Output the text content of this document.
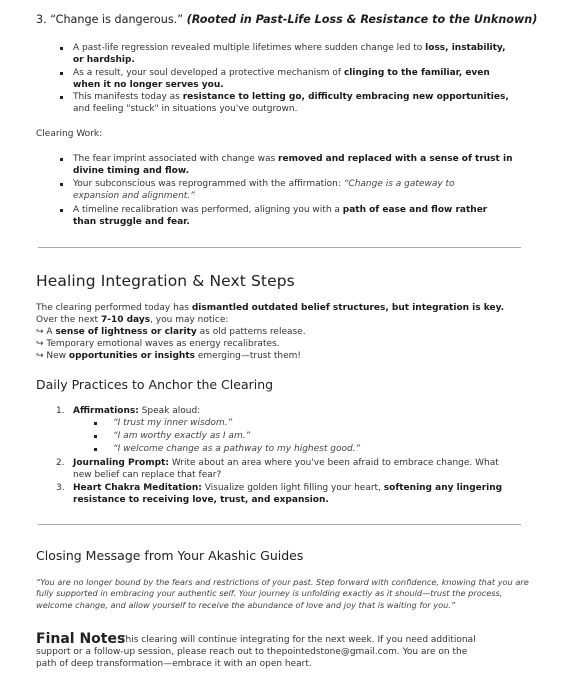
3. “Change is dangerous.” (Rooted in Past-Life Loss & Resistance to the Unknown)
A past-life regression revealed multiple lifetimes where sudden change led to loss, instability,
or hardship.
As a result, your soul developed a protective mechanism of clinging to the familiar, even
when it no longer serves you.
This manifests today as resistance to letting go, difficulty embracing new opportunities,
and feeling "stuck" in situations you've outgrown.
Clearing Work:
The fear imprint associated with change was removed and replaced with a sense of trust in
divine timing and flow.
Your subconscious was reprogrammed with the affirmation: “Change is a gateway to
expansion and alignment.”
A timeline recalibration was performed, aligning you with a path of ease and flow rather
than struggle and fear.
Healing Integration & Next Steps
The clearing performed today has dismantled outdated belief structures, but integration is key.
Over the next 7-10 days, you may notice:
↪ A sense of lightness or clarity as old patterns release.
↪ Temporary emotional waves as energy recalibrates.
↪ New opportunities or insights emerging—trust them!
Daily Practices to Anchor the Clearing
1. Affirmations: Speak aloud:
“I trust my inner wisdom.”
“I am worthy exactly as I am.”
“I welcome change as a pathway to my highest good.”
2. Journaling Prompt: Write about an area where you've been afraid to embrace change. What
new belief can replace that fear?
3. Heart Chakra Meditation: Visualize golden light filling your heart, softening any lingering
resistance to receiving love, trust, and expansion.
Closing Message from Your Akashic Guides
“You are no longer bound by the fears and restrictions of your past. Step forward with confidence, knowing that you are fully supported in embracing your authentic self. Your journey is unfolding exactly as it should—trust the process, welcome change, and allow yourself to receive the abundance of love and joy that is waiting for you.”
Final Notes
This clearing will continue integrating for the next week. If you need additional
support or a follow-up session, please reach out to thepointedstone@gmail.com. You are on the
path of deep transformation—embrace it with an open heart.
